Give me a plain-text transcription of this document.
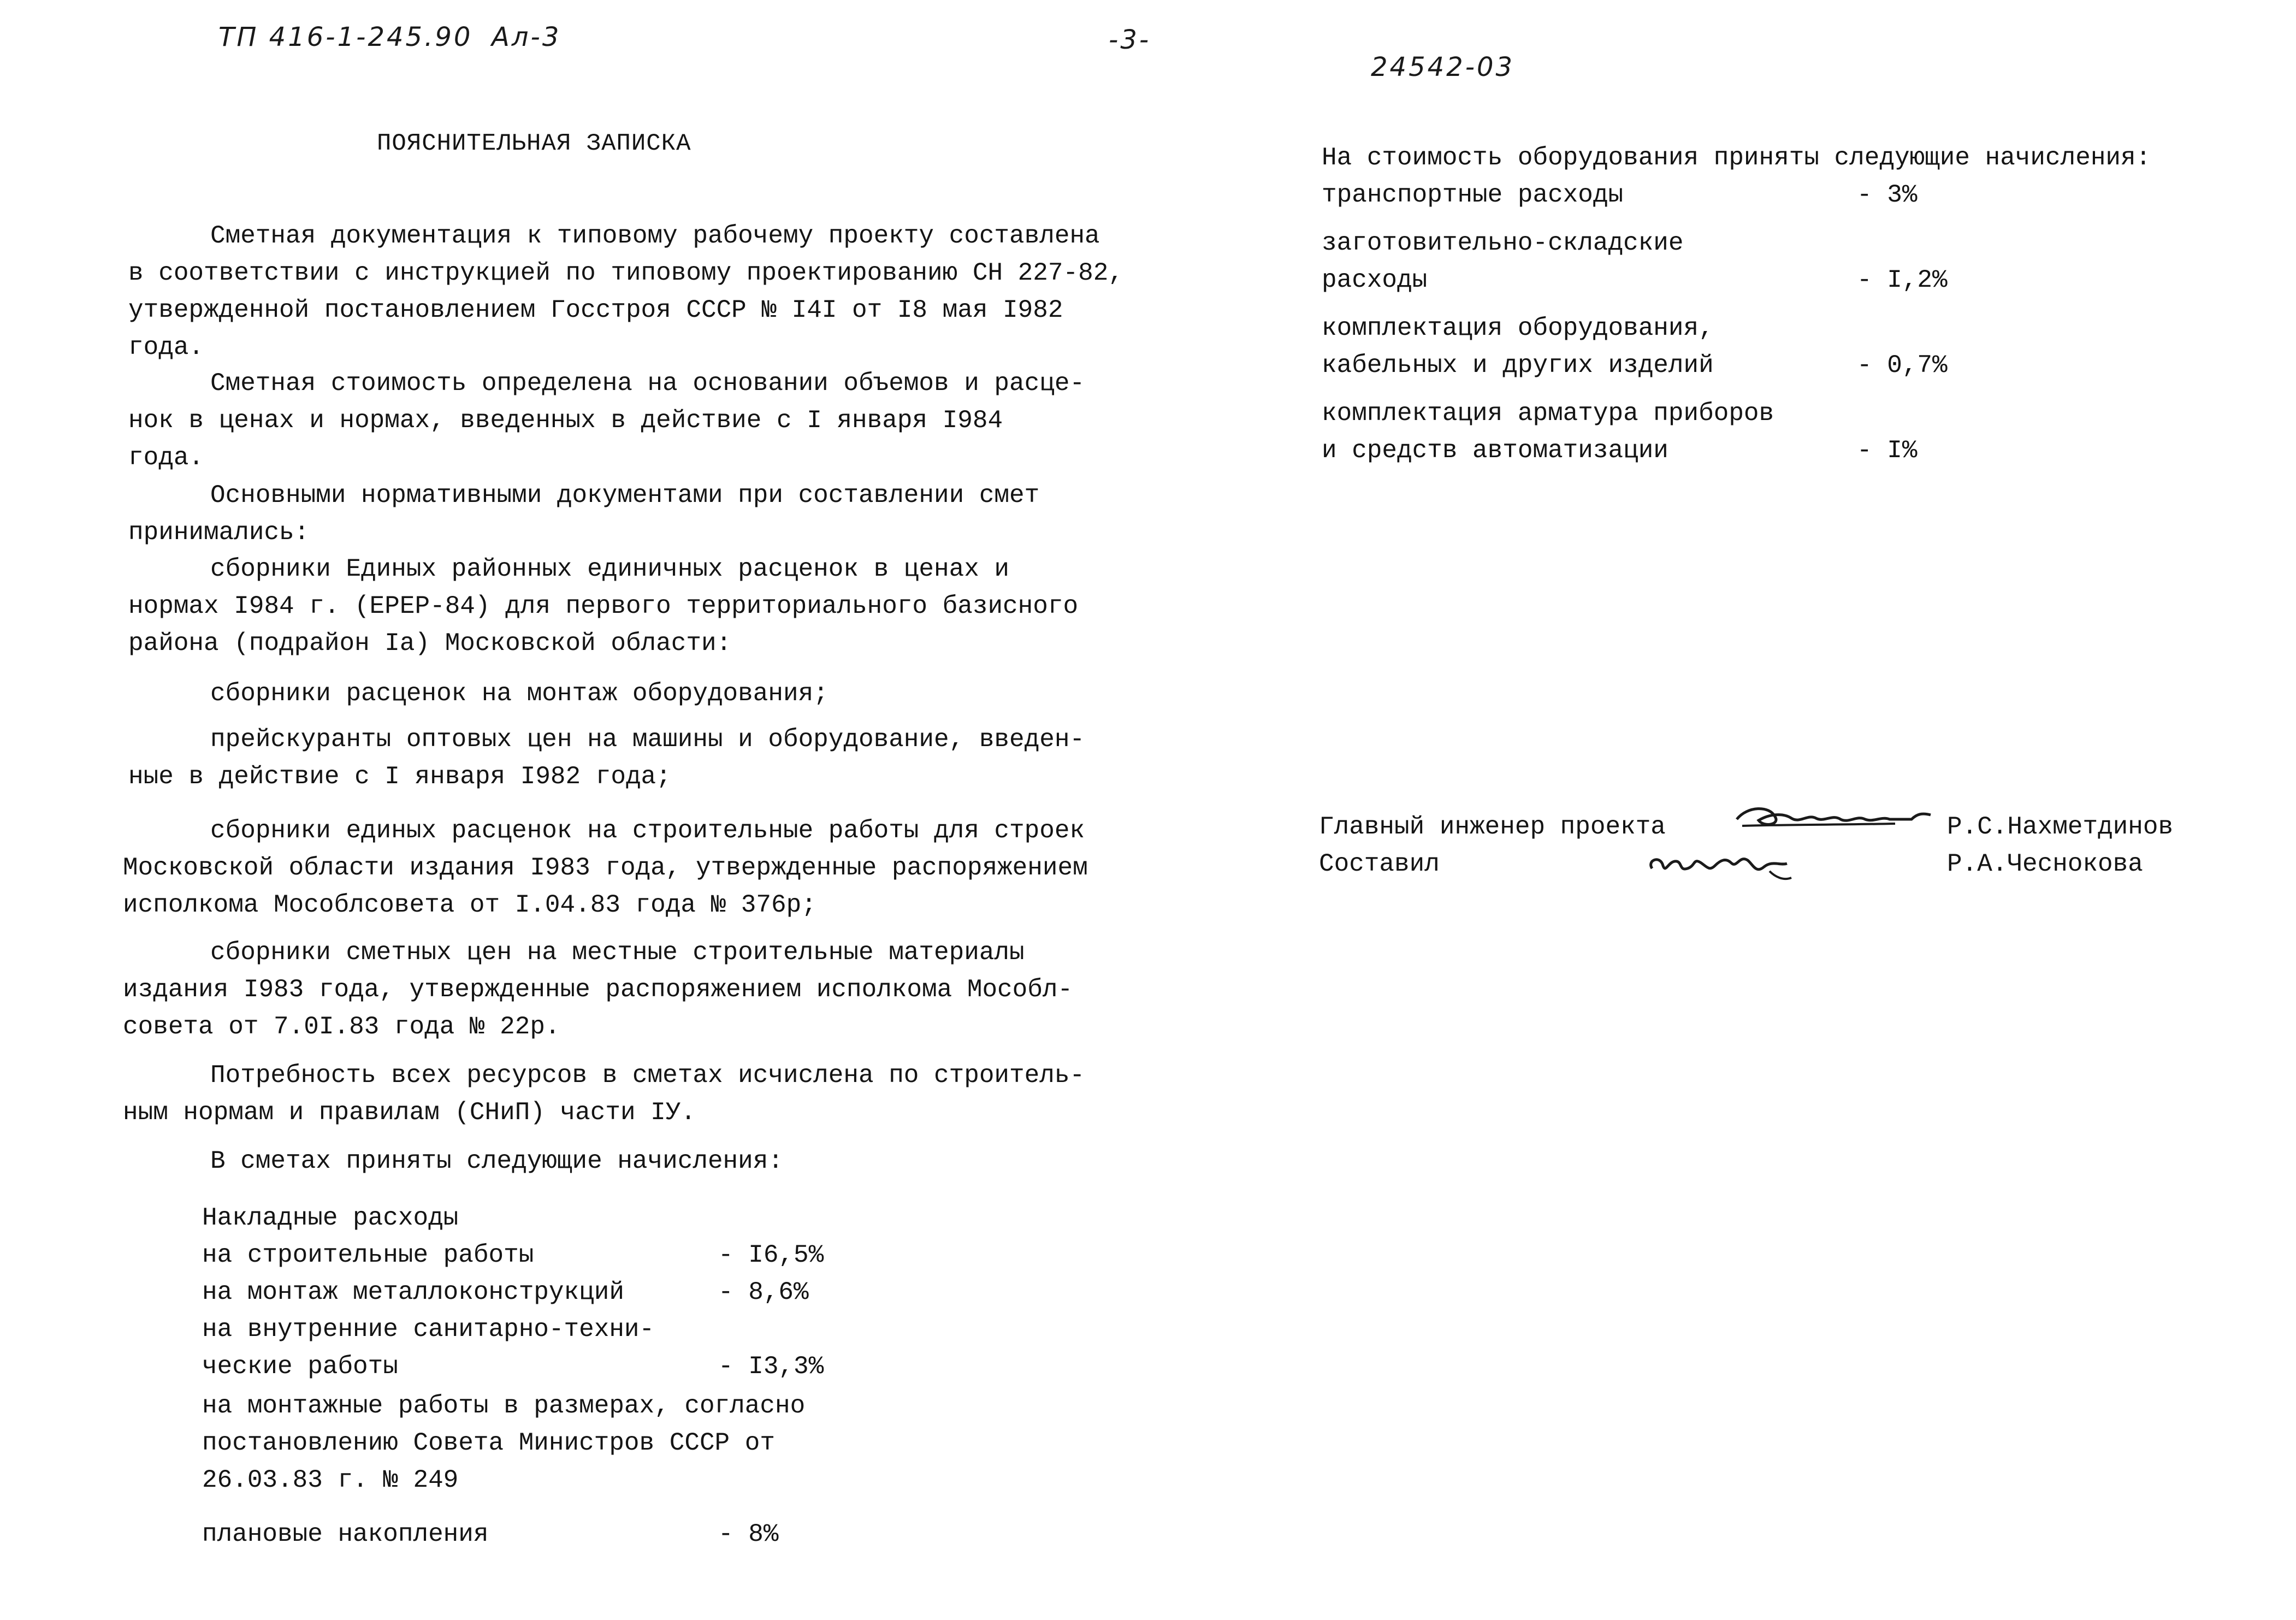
ТП 416-1-245.90 Ал-3	-3-
24542-03
ПОЯСНИТЕЛЬНАЯ ЗАПИСКА
Сметная документация к типовому рабочему проекту составлена
в соответствии с инструкцией по типовому проектированию СН 227-82,
утвержденной постановлением Госстроя СССР № I4I от I8 мая I982
года.
Сметная стоимость определена на основании объемов и расце-
нок в ценах и нормах, введенных в действие с I января I984
года.
Основными нормативными документами при составлении смет
принимались:
сборники Единых районных единичных расценок в ценах и
нормах I984 г. (ЕРЕР-84) для первого территориального базисного
района (подрайон Iа) Московской области:
сборники расценок на монтаж оборудования;
прейскуранты оптовых цен на машины и оборудование, введен-
ные в действие с I января I982 года;
сборники единых расценок на строительные работы для строек
Московской области издания I983 года, утвержденные распоряжением
исполкома Мособлсовета от I.04.83 года № 376р;
сборники сметных цен на местные строительные материалы
издания I983 года, утвержденные распоряжением исполкома Мособл-
совета от 7.0I.83 года № 22р.
Потребность всех ресурсов в сметах исчислена по строитель-
ным нормам и правилам (СНиП) части IУ.
В сметах приняты следующие начисления:
Накладные расходы
на строительные работы	- I6,5%
на монтаж металлоконструкций	- 8,6%
на внутренние санитарно-техни-
ческие работы	- I3,3%
на монтажные работы в размерах, согласно
постановлению Совета Министров СССР от
26.03.83 г. № 249
плановые накопления	- 8%
На стоимость оборудования приняты следующие начисления:
транспортные расходы	- 3%
заготовительно-складские
расходы	- I,2%
комплектация оборудования,
кабельных и других изделий	- 0,7%
комплектация арматура приборов
и средств автоматизации	- I%
Главный инженер проекта
Составил
Р.С.Нахметдинов
Р.А.Чеснокова
